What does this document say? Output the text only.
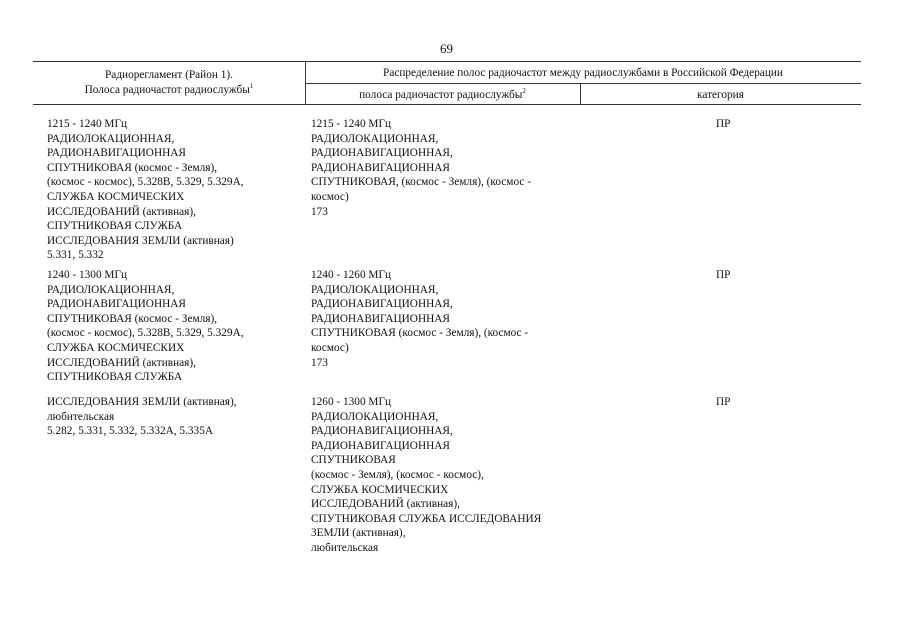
69
Радиорегламент (Район 1).
Полоса радиочастот радиослужбы$^1$
Распределение полос радиочастот между радиослужбами в Российской Федерации
полоса радиочастот радиослужбы$^2$	категория
1215 - 1240 МГц
РАДИОЛОКАЦИОННАЯ,
РАДИОНАВИГАЦИОННАЯ
СПУТНИКОВАЯ (космос - Земля),
(космос - космос), 5.328B, 5.329, 5.329A,
СЛУЖБА КОСМИЧЕСКИХ
ИССЛЕДОВАНИЙ (активная),
СПУТНИКОВАЯ СЛУЖБА
ИССЛЕДОВАНИЯ ЗЕМЛИ (активная)
5.331, 5.332
1215 - 1240 МГц
РАДИОЛОКАЦИОННАЯ,
РАДИОНАВИГАЦИОННАЯ,
РАДИОНАВИГАЦИОННАЯ
СПУТНИКОВАЯ, (космос - Земля), (космос -
космос)
173
ПР
1240 - 1300 МГц
РАДИОЛОКАЦИОННАЯ,
РАДИОНАВИГАЦИОННАЯ
СПУТНИКОВАЯ (космос - Земля),
(космос - космос), 5.328B, 5.329, 5.329A,
СЛУЖБА КОСМИЧЕСКИХ
ИССЛЕДОВАНИЙ (активная),
СПУТНИКОВАЯ СЛУЖБА
1240 - 1260 МГц
РАДИОЛОКАЦИОННАЯ,
РАДИОНАВИГАЦИОННАЯ,
РАДИОНАВИГАЦИОННАЯ
СПУТНИКОВАЯ (космос - Земля), (космос -
космос)
173
ПР
ИССЛЕДОВАНИЯ ЗЕМЛИ (активная),
любительская
5.282, 5.331, 5.332, 5.332A, 5.335A
1260 - 1300 МГц
РАДИОЛОКАЦИОННАЯ,
РАДИОНАВИГАЦИОННАЯ,
РАДИОНАВИГАЦИОННАЯ
СПУТНИКОВАЯ
(космос - Земля), (космос - космос),
СЛУЖБА КОСМИЧЕСКИХ
ИССЛЕДОВАНИЙ (активная),
СПУТНИКОВАЯ СЛУЖБА ИССЛЕДОВАНИЯ
ЗЕМЛИ (активная),
любительская
ПР
